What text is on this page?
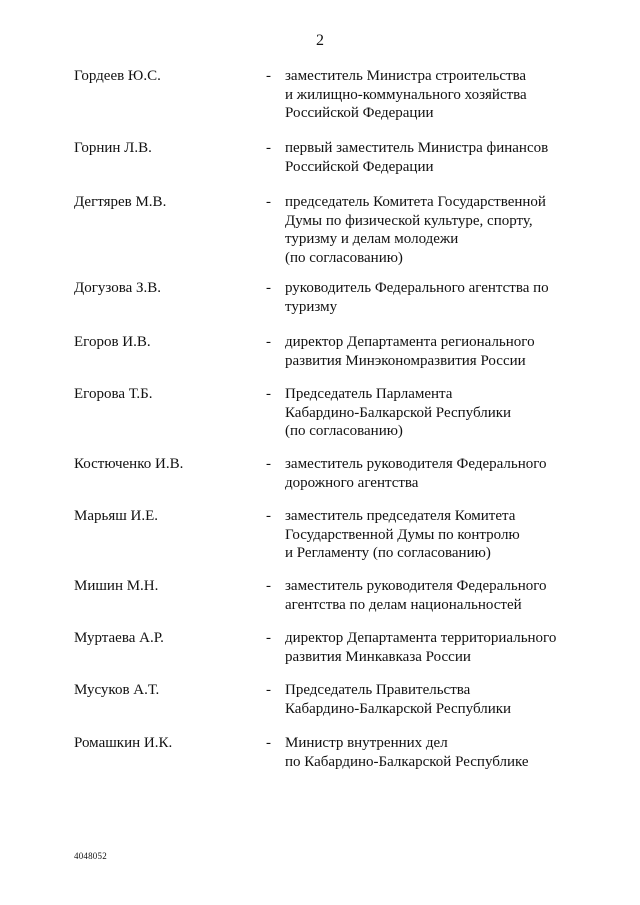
2
Гордеев Ю.С.	- заместитель Министра строительства
и жилищно-коммунального хозяйства
Российской Федерации
Горнин Л.В.	- первый заместитель Министра финансов
Российской Федерации
Дегтярев М.В.	- председатель Комитета Государственной
Думы по физической культуре, спорту,
туризму и делам молодежи
(по согласованию)
Догузова З.В.	- руководитель Федерального агентства по
туризму
Егоров И.В.	- директор Департамента регионального
развития Минэкономразвития России
Егорова Т.Б.	- Председатель Парламента
Кабардино-Балкарской Республики
(по согласованию)
Костюченко И.В.	- заместитель руководителя Федерального
дорожного агентства
Марьяш И.Е.	- заместитель председателя Комитета
Государственной Думы по контролю
и Регламенту (по согласованию)
Мишин М.Н.	- заместитель руководителя Федерального
агентства по делам национальностей
Муртаева А.Р.	- директор Департамента территориального
развития Минкавказа России
Мусуков А.Т.	- Председатель Правительства
Кабардино-Балкарской Республики
Ромашкин И.К.	- Министр внутренних дел
по Кабардино-Балкарской Республике
4048052
